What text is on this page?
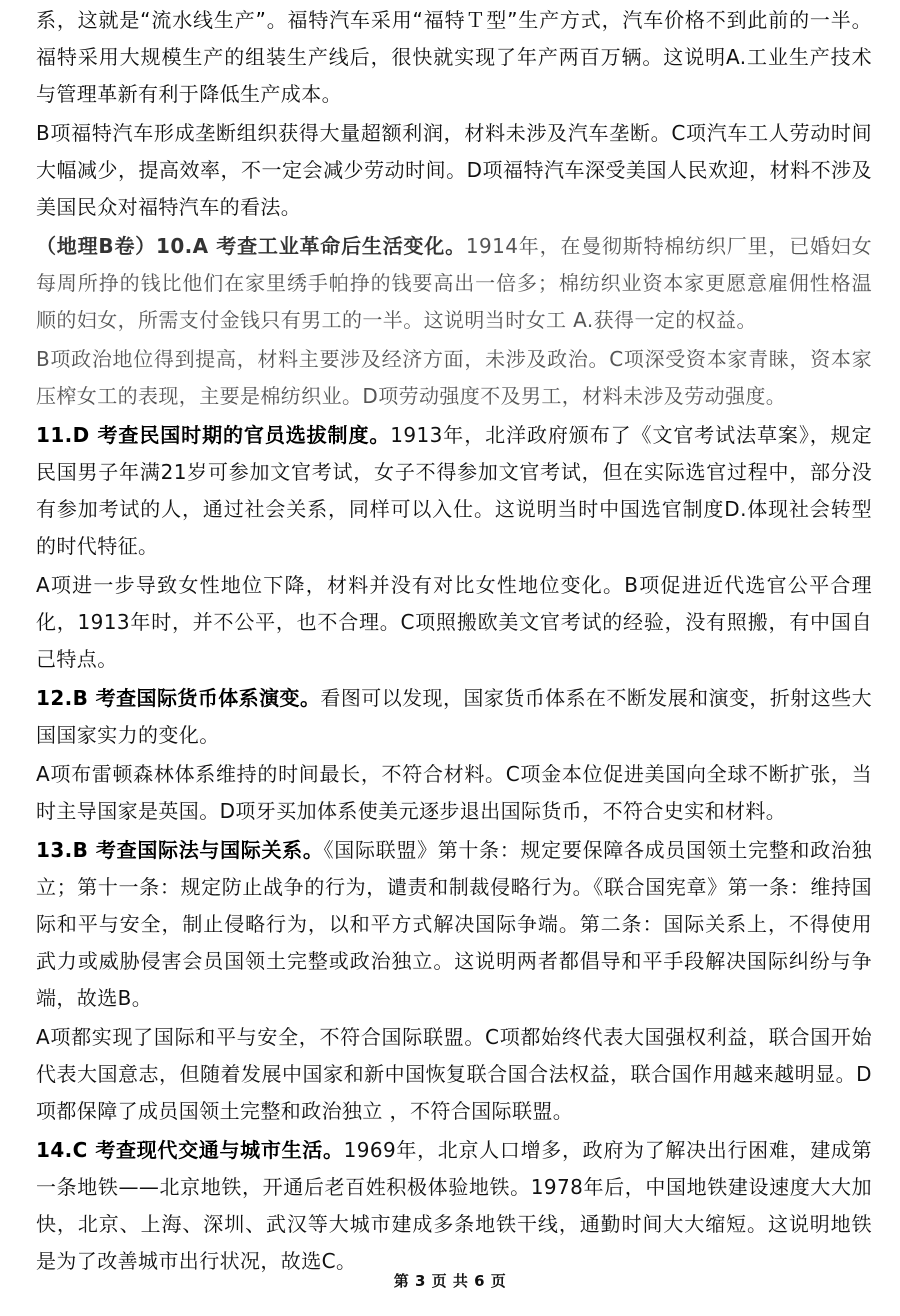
系，这就是“流水线生产”。福特汽车采用“福特Ｔ型”生产方式，汽车价格不到此前的一半。福特采用大规模生产的组装生产线后，很快就实现了年产两百万辆。这说明A.工业生产技术与管理革新有利于降低生产成本。

B项福特汽车形成垄断组织获得大量超额利润，材料未涉及汽车垄断。C项汽车工人劳动时间大幅减少，提高效率，不一定会减少劳动时间。D项福特汽车深受美国人民欢迎，材料不涉及美国民众对福特汽车的看法。

（地理B卷）10.A 考查工业革命后生活变化。1914年，在曼彻斯特棉纺织厂里，已婚妇女每周所挣的钱比他们在家里绣手帕挣的钱要高出一倍多；棉纺织业资本家更愿意雇佣性格温顺的妇女，所需支付金钱只有男工的一半。这说明当时女工 A.获得一定的权益。

B项政治地位得到提高，材料主要涉及经济方面，未涉及政治。C项深受资本家青睐，资本家压榨女工的表现，主要是棉纺织业。D项劳动强度不及男工，材料未涉及劳动强度。

11.D 考查民国时期的官员选拔制度。1913年，北洋政府颁布了《文官考试法草案》，规定民国男子年满21岁可参加文官考试，女子不得参加文官考试，但在实际选官过程中，部分没有参加考试的人，通过社会关系，同样可以入仕。这说明当时中国选官制度D.体现社会转型的时代特征。

A项进一步导致女性地位下降，材料并没有对比女性地位变化。B项促进近代选官公平合理化，1913年时，并不公平，也不合理。C项照搬欧美文官考试的经验，没有照搬，有中国自己特点。

12.B 考查国际货币体系演变。看图可以发现，国家货币体系在不断发展和演变，折射这些大国国家实力的变化。

A项布雷顿森林体系维持的时间最长，不符合材料。C项金本位促进美国向全球不断扩张，当时主导国家是英国。D项牙买加体系使美元逐步退出国际货币，不符合史实和材料。

13.B 考查国际法与国际关系。《国际联盟》第十条：规定要保障各成员国领土完整和政治独立；第十一条：规定防止战争的行为，谴责和制裁侵略行为。《联合国宪章》第一条：维持国际和平与安全，制止侵略行为，以和平方式解决国际争端。第二条：国际关系上，不得使用武力或威胁侵害会员国领土完整或政治独立。这说明两者都倡导和平手段解决国际纠纷与争端，故选B。

A项都实现了国际和平与安全，不符合国际联盟。C项都始终代表大国强权利益，联合国开始代表大国意志，但随着发展中国家和新中国恢复联合国合法权益，联合国作用越来越明显。D项都保障了成员国领土完整和政治独立 ，不符合国际联盟。

14.C 考查现代交通与城市生活。1969年，北京人口增多，政府为了解决出行困难，建成第一条地铁——北京地铁，开通后老百姓积极体验地铁。1978年后，中国地铁建设速度大大加快，北京、上海、深圳、武汉等大城市建成多条地铁干线，通勤时间大大缩短。这说明地铁是为了改善城市出行状况，故选C。

第 3 页 共 6 页
